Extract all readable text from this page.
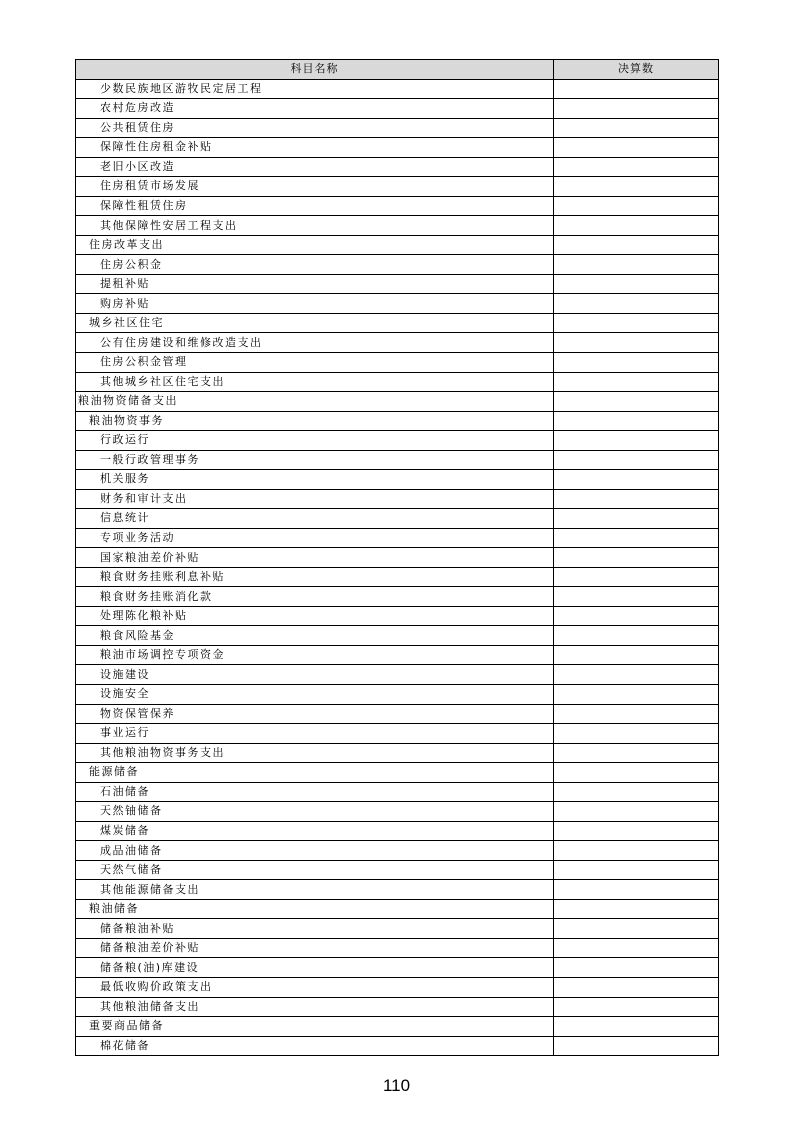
科目名称	决算数
少数民族地区游牧民定居工程	
农村危房改造	
公共租赁住房	
保障性住房租金补贴	
老旧小区改造	
住房租赁市场发展	
保障性租赁住房	
其他保障性安居工程支出	
住房改革支出	
住房公积金	
提租补贴	
购房补贴	
城乡社区住宅	
公有住房建设和维修改造支出	
住房公积金管理	
其他城乡社区住宅支出	
粮油物资储备支出	
粮油物资事务	
行政运行	
一般行政管理事务	
机关服务	
财务和审计支出	
信息统计	
专项业务活动	
国家粮油差价补贴	
粮食财务挂账利息补贴	
粮食财务挂账消化款	
处理陈化粮补贴	
粮食风险基金	
粮油市场调控专项资金	
设施建设	
设施安全	
物资保管保养	
事业运行	
其他粮油物资事务支出	
能源储备	
石油储备	
天然铀储备	
煤炭储备	
成品油储备	
天然气储备	
其他能源储备支出	
粮油储备	
储备粮油补贴	
储备粮油差价补贴	
储备粮(油)库建设	
最低收购价政策支出	
其他粮油储备支出	
重要商品储备	
棉花储备	
110
